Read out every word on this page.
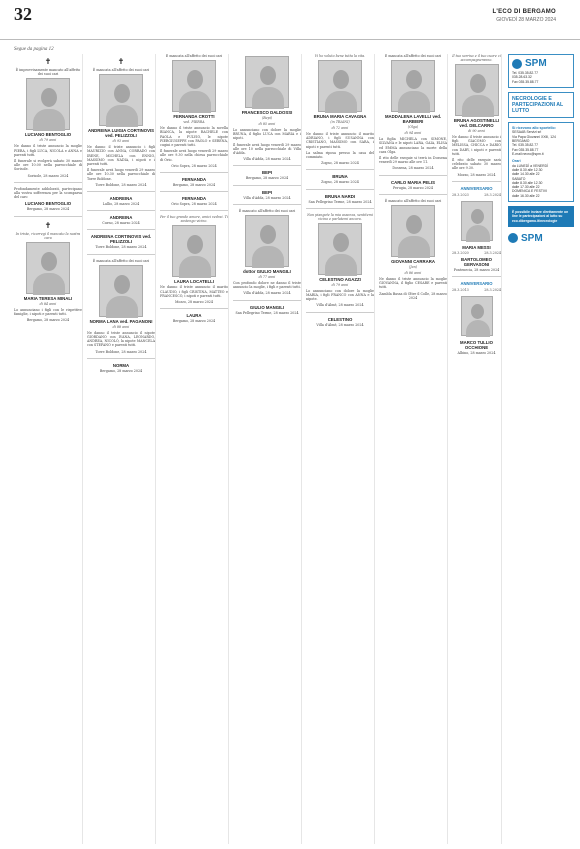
32	L'ECO DI BERGAMO
GIOVEDÌ 28 MARZO 2024
Segue da pagina 12
✝
È improvvisamente mancato all'affetto dei suoi cari
LUCIANO BENTOGLIO
di 79 anni
Ne danno il triste annuncio la moglie PIERA, i figli LUCA, NICOLA e ANNA e parenti tutti.
Il funerale si svolgerà sabato 30 marzo alle ore 10.00 nella parrocchiale di Sorisole.
Sorisole, 28 marzo 2024
Profondamente addolorati, partecipano alla vostra sofferenza per la scomparsa del caro
LUCIANO BENTOGLIO
Bergamo, 28 marzo 2024
✝
In triste, ricorregi il mancato la nostra cara
MARIA TERESA MINALI
di 84 anni
Lo annunciano i figli con le rispettive famiglie, i nipoti e parenti tutti.
Bergamo, 28 marzo 2024
✝
È mancata all'affetto dei suoi cari
ANDREINA LUIGIA CORTINOVIS ved. PELIZZOLI
di 93 anni
Ne danno il triste annuncio i figli MAURIZIO con ANNA, CORRADO con IRENE, MICHELA con ENNIO, MASSIMO con NADIA, i nipoti e i parenti tutti.
Il funerale avrà luogo venerdì 29 marzo alle ore 10.30 nella parrocchiale di Torre Boldone.
Torre Boldone, 28 marzo 2024
ANDREINA
Lallio, 28 marzo 2024
ANDREINA
Curno, 28 marzo 2024
ANDREINA CORTINOVIS ved. PELIZZOLI
Torre Boldone, 28 marzo 2024
È mancata all'affetto dei suoi cari
NORMA LANA ved. PAGANONI
di 88 anni
Ne danno il triste annuncio il nipote GIORDANO con IVANA, LEONARDO, ANDREA, NICOLÒ, la nipote MANCELA con STEFANO e parenti tutti.
Torre Boldone, 28 marzo 2024
NORMA
Bergamo, 28 marzo 2024
È mancata all'affetto dei suoi cari
FERNANDA CROTTI
ved. PIERRA
Ne danno il triste annuncio la sorella BIANCA, la nipote RACHELE con PAOLA e FULVIO, le nipote PIERGIUSEPPE con PAOLO e SERENA, cugini e parenti tutti.
Il funerale avrà luogo venerdì 29 marzo alle ore 9.30 nella chiesa parrocchiale di Orio.
Orio Sopra, 28 marzo 2024
FERNANDA
Bergamo, 28 marzo 2024
FERNANDA
Orio Sopra, 28 marzo 2024
Per il tuo grande amore, amici vedrai. Ti sostengo vicino.
LAURA LOCATELLI
Ne danno il triste annuncio il marito CLAUDIO, i figli CRISTINA, MATTEO e FRANCESCO, i nipoti e parenti tutti.
Mozzo, 28 marzo 2024
LAURA
Bergamo, 28 marzo 2024
FRANCESCO DALDOSSI
(Bepi)
di 85 anni
Lo annunciano con dolore la moglie BRUNA, il figlio LUCA con MARIA e i nipoti.
Il funerale avrà luogo venerdì 29 marzo alle ore 10 nella parrocchiale di Villa d'Adda.
Villa d'Adda, 28 marzo 2024
BEPI
Bergamo, 28 marzo 2024
BEPI
Villa d'Adda, 28 marzo 2024
È mancato all'affetto dei suoi cari
dottor GIULIO MANGILI
di 77 anni
Con profondo dolore ne danno il triste annuncio la moglie, i figli e parenti tutti.
Villa d'Adda, 28 marzo 2024
GIULIO MANGILI
San Pellegrino Terme, 28 marzo 2024
Vi ho voluto bene tutta la vita.
BRUNA MARIA CAVAGNA
(in TRAINI)
di 72 anni
Ne danno il triste annuncio il marito ADRIANO, i figli SUSANNA con CRISTIANO, MASSIMO con SARA, i nipoti e parenti tutti.
La salma riposa presso la casa del commiato.
Zogno, 28 marzo 2024
BRUNA
Zogno, 28 marzo 2024
BRUNA NARDI
San Pellegrino Terme, 28 marzo 2024
Non piangete la mia assenza, sentitemi vicino e parlatemi ancora.
CELESTINO AGAZZI
di 79 anni
Lo annunciano con dolore la moglie MARIA, i figli FRANCO con ANNA e la nipote.
Villa d'Almè, 28 marzo 2024
CELESTINO
Villa d'Almè, 28 marzo 2024
È mancata all'affetto dei suoi cari
MADDALENA LAVELLI ved. BARBIERI
(Olga)
di 94 anni
La figlia MICHELA con SIMONE, SILVANA e le nipoti LARA, GAIA, ELISA ed EMMA annunciano la morte della cara Olga.
Il rito delle esequie si terrà in Dossena venerdì 29 marzo alle ore 11.
Dossena, 28 marzo 2024
CARLO MARIA PELIS
Perugia, 28 marzo 2024
È mancato all'affetto dei suoi cari
GIOVANNI CARRARA
(Jan)
di 86 anni
Ne danno il triste annuncio la moglie GIOVANNA, il figlio CESARE e parenti tutti.
Zambla Bassa di Oltre il Colle, 28 marzo 2024
Il tuo sorriso e il tuo cuore ci accompagneranno.
BRUNA AGOSTINELLI ved. DELCARRO
di 90 anni
Ne danno il triste annuncio i figli GIACOMO con MELISSA, CHICCA e DARIO con DABY, i nipoti e parenti tutti.
Il rito delle esequie sarà celebrato sabato 30 marzo alle ore 9.30.
Mozzo, 28 marzo 2024
ANNIVERSARIO
28.3.2023	28.3.2024
MARIA MESSI
28.3.2020	28.3.2024
BARTOLOMEO GERVASONI
Pontenecia, 28 marzo 2024
ANNIVERSARIO
28.3.2013	28.3.2024
MARCO TULLIO OCCHIONE
Albino, 28 marzo 2024
SPM
Tel. 035.35.82.77
035.28.63.32
Fax 035.35.88.77
NECROLOGIE E PARTECIPAZIONI AL LUTTO
Si ricevono allo sportello:
SESAAB Servizi srl
Via Papa Giovanni XXIII, 124
BERGAMO
Tel. 035.35.82.77
Fax 035.35.88.77
E-mail necro@spm.it
Orari
da LUNEDÌ a VENERDÌ
dalle 8.30 alle 12.30
dalle 14.30 alle 22
SABATO
dalle 8.30 alle 12.30
dalle 17.30 alle 22
DOMENICA E FESTIVI
dalle 16.30 alle 22
È possibile inviare direttamente on line le partecipazioni al lutto su eco.dibergamo.it/necrologie
SPM
